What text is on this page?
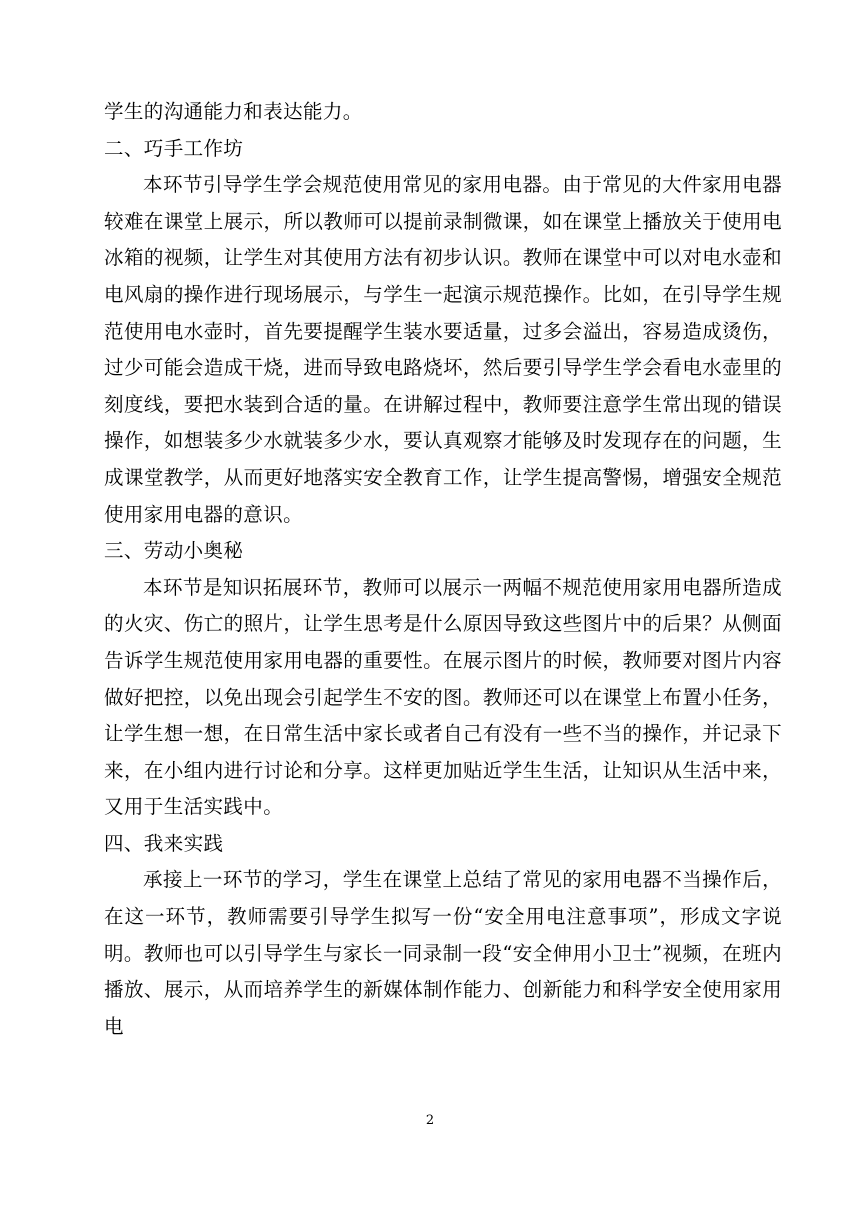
学生的沟通能力和表达能力。

二、巧手工作坊

本环节引导学生学会规范使用常见的家用电器。由于常见的大件家用电器较难在课堂上展示，所以教师可以提前录制微课，如在课堂上播放关于使用电冰箱的视频，让学生对其使用方法有初步认识。教师在课堂中可以对电水壶和电风扇的操作进行现场展示，与学生一起演示规范操作。比如，在引导学生规范使用电水壶时，首先要提醒学生装水要适量，过多会溢出，容易造成烫伤，过少可能会造成干烧，进而导致电路烧坏，然后要引导学生学会看电水壶里的刻度线，要把水装到合适的量。在讲解过程中，教师要注意学生常出现的错误操作，如想装多少水就装多少水，要认真观察才能够及时发现存在的问题，生成课堂教学，从而更好地落实安全教育工作，让学生提高警惕，增强安全规范使用家用电器的意识。

三、劳动小奥秘

本环节是知识拓展环节，教师可以展示一两幅不规范使用家用电器所造成的火灾、伤亡的照片，让学生思考是什么原因导致这些图片中的后果？从侧面告诉学生规范使用家用电器的重要性。在展示图片的时候，教师要对图片内容做好把控，以免出现会引起学生不安的图。教师还可以在课堂上布置小任务，让学生想一想，在日常生活中家长或者自己有没有一些不当的操作，并记录下来，在小组内进行讨论和分享。这样更加贴近学生生活，让知识从生活中来，又用于生活实践中。

四、我来实践

承接上一环节的学习，学生在课堂上总结了常见的家用电器不当操作后，在这一环节，教师需要引导学生拟写一份“安全用电注意事项”，形成文字说明。教师也可以引导学生与家长一同录制一段“安全伸用小卫士”视频，在班内播放、展示，从而培养学生的新媒体制作能力、创新能力和科学安全使用家用电

2
